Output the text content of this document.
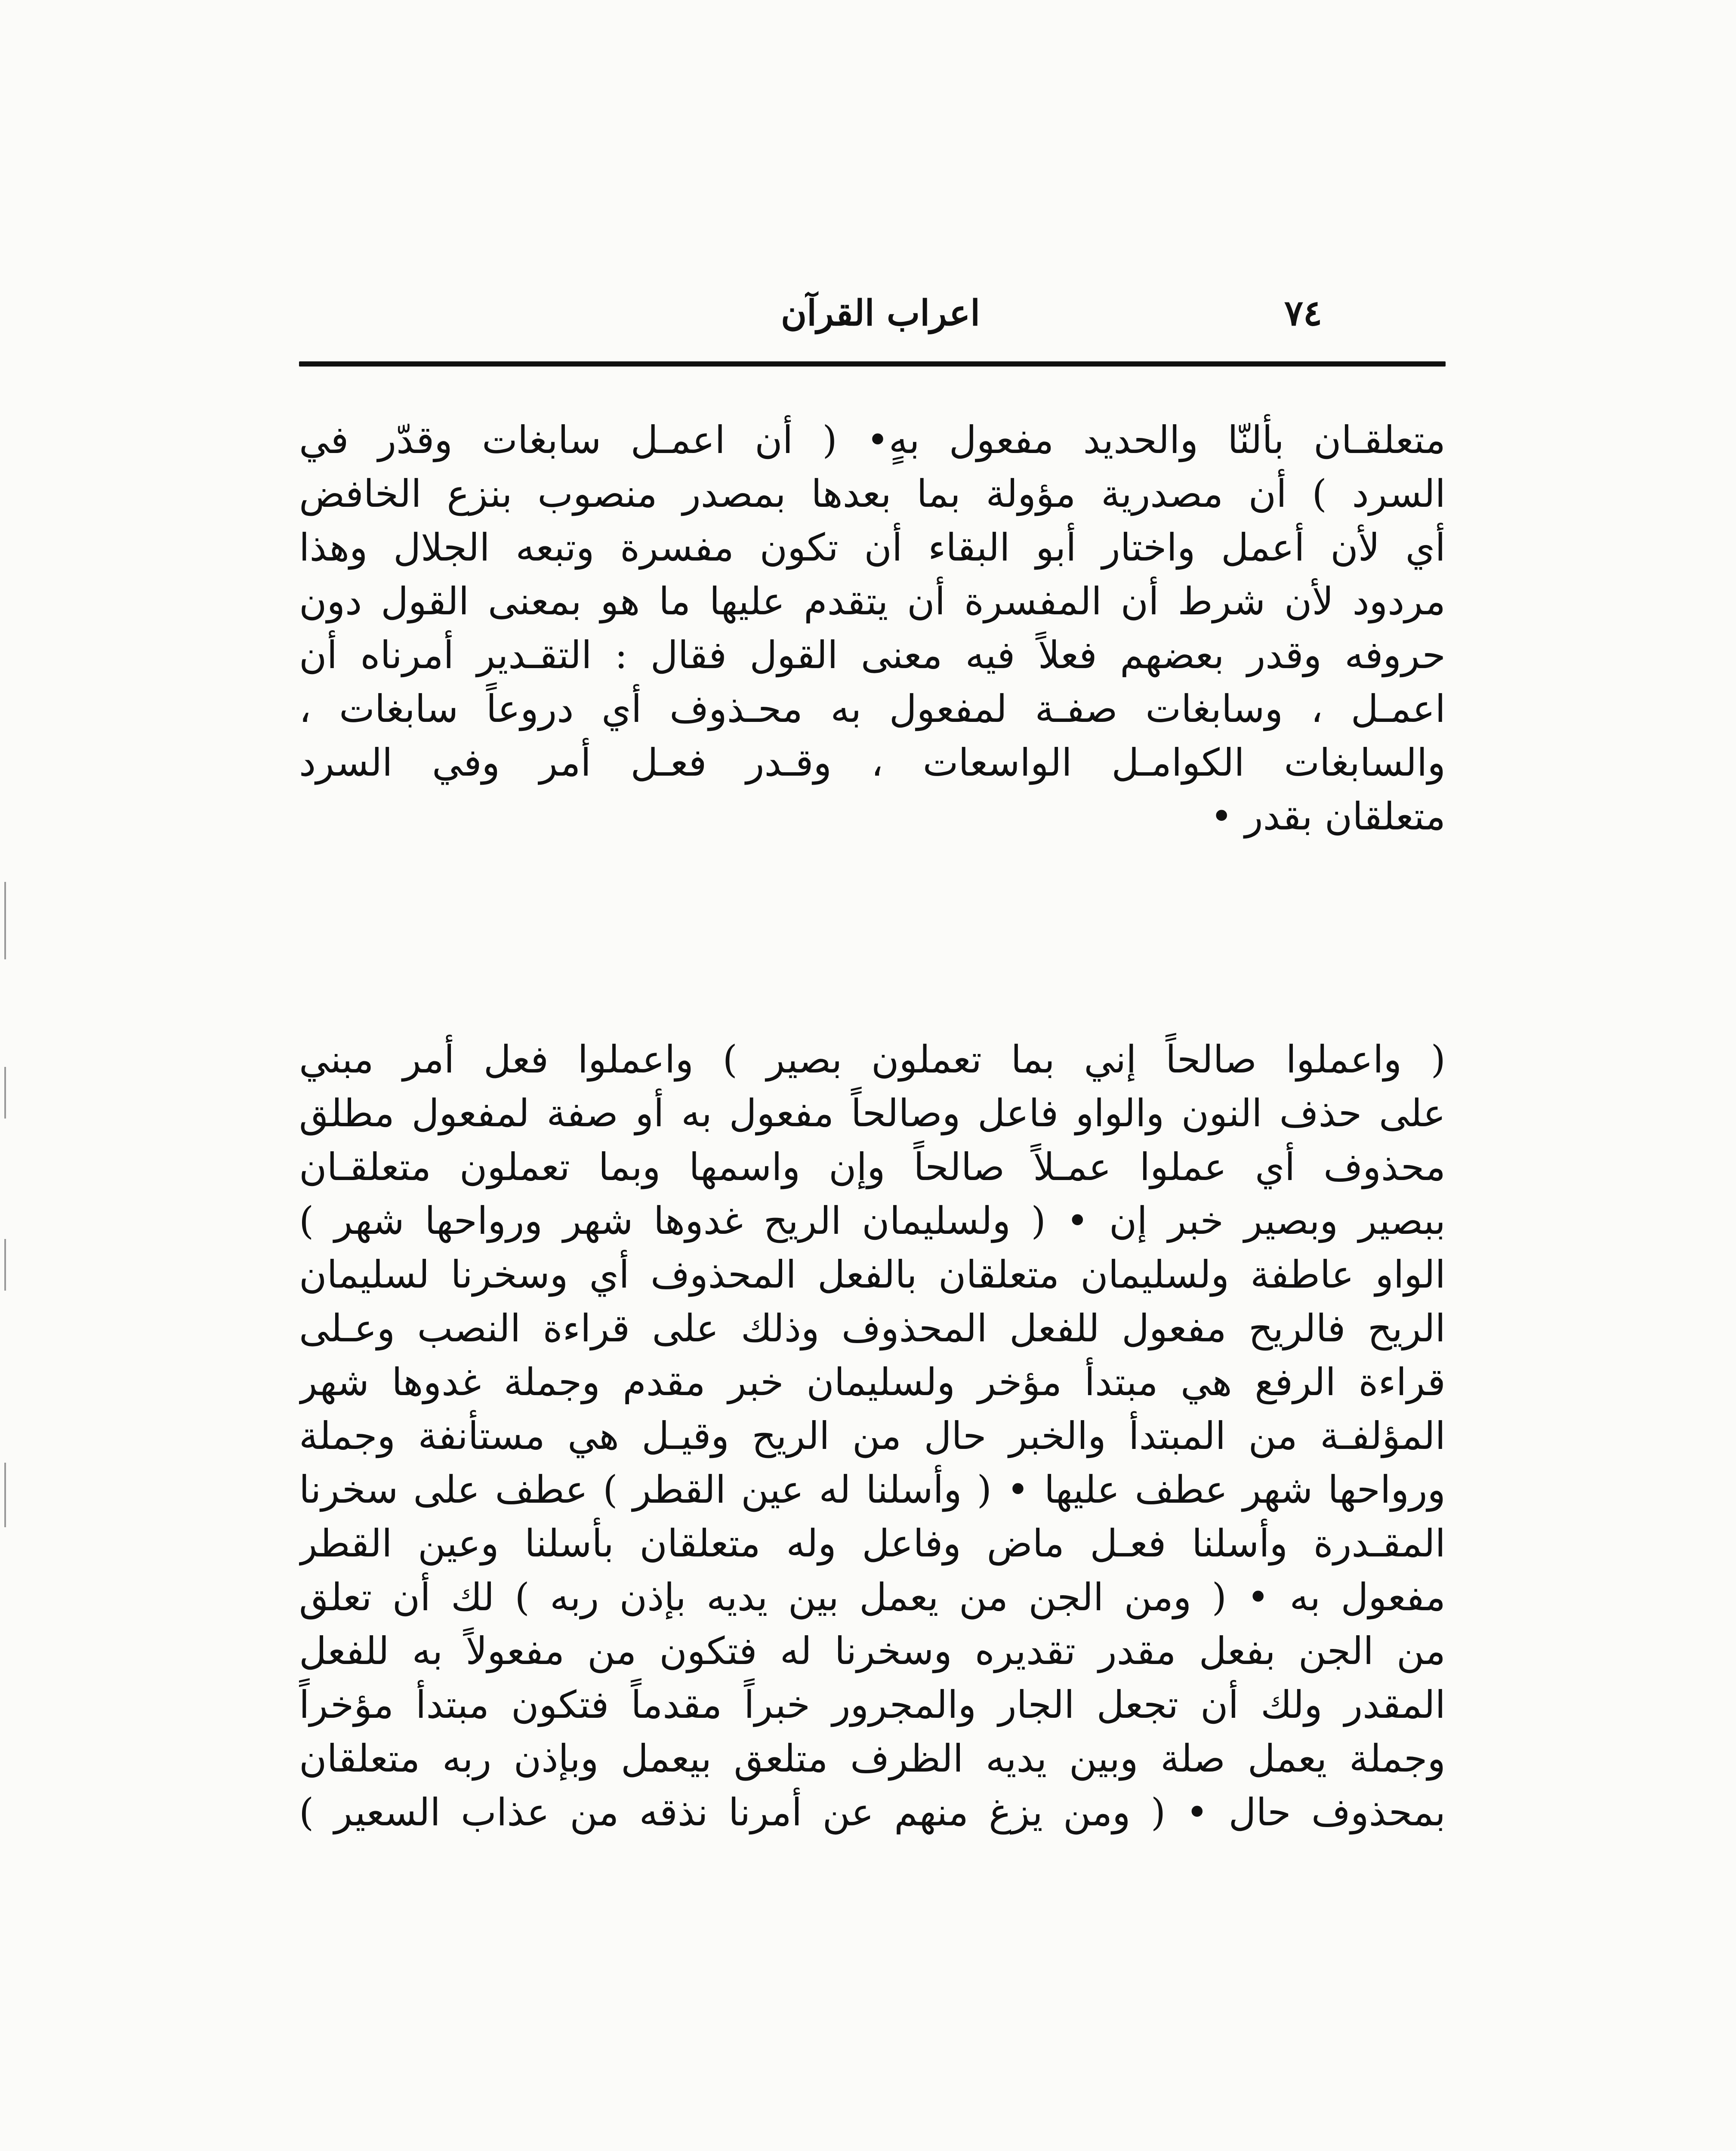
٧٤
اعراب القرآن
متعلقـان بألنّا والحديد مفعول بهٍ• ( أن اعمـل سابغات وقدّر في
السرد ) أن مصدرية مؤولة بما بعدها بمصدر منصوب بنزع الخافض
أي لأن أعمل واختار أبو البقاء أن تكون مفسرة وتبعه الجلال وهذا
مردود لأن شرط أن المفسرة أن يتقدم عليها ما هو بمعنى القول دون
حروفه وقدر بعضهم فعلاً فيه معنى القول فقال : التقـدير أمرناه أن
اعمـل ، وسابغات صفـة لمفعول به محـذوف أي دروعاً سابغات ،
والسابغات الكوامـل الواسعات ، وقـدر فعـل أمر وفي السرد
متعلقان بقدر •
( واعملوا صالحاً إني بما تعملون بصير ) واعملوا فعل أمر مبني
على حذف النون والواو فاعل وصالحاً مفعول به أو صفة لمفعول مطلق
محذوف أي عملوا عمـلاً صالحاً وإن واسمها وبما تعملون متعلقـان
ببصير وبصير خبر إن • ( ولسليمان الريح غدوها شهر ورواحها شهر )
الواو عاطفة ولسليمان متعلقان بالفعل المحذوف أي وسخرنا لسليمان
الريح فالريح مفعول للفعل المحذوف وذلك على قراءة النصب وعـلى
قراءة الرفع هي مبتدأ مؤخر ولسليمان خبر مقدم وجملة غدوها شهر
المؤلفـة من المبتدأ والخبر حال من الريح وقيـل هي مستأنفة وجملة
ورواحها شهر عطف عليها • ( وأسلنا له عين القطر ) عطف على سخرنا
المقـدرة وأسلنا فعـل ماض وفاعل وله متعلقان بأسلنا وعين القطر
مفعول به • ( ومن الجن من يعمل بين يديه بإذن ربه ) لك أن تعلق
من الجن بفعل مقدر تقديره وسخرنا له فتكون من مفعولاً به للفعل
المقدر ولك أن تجعل الجار والمجرور خبراً مقدماً فتكون مبتدأ مؤخراً
وجملة يعمل صلة وبين يديه الظرف متلعق بيعمل وبإذن ربه متعلقان
بمحذوف حال • ( ومن يزغ منهم عن أمرنا نذقه من عذاب السعير )
